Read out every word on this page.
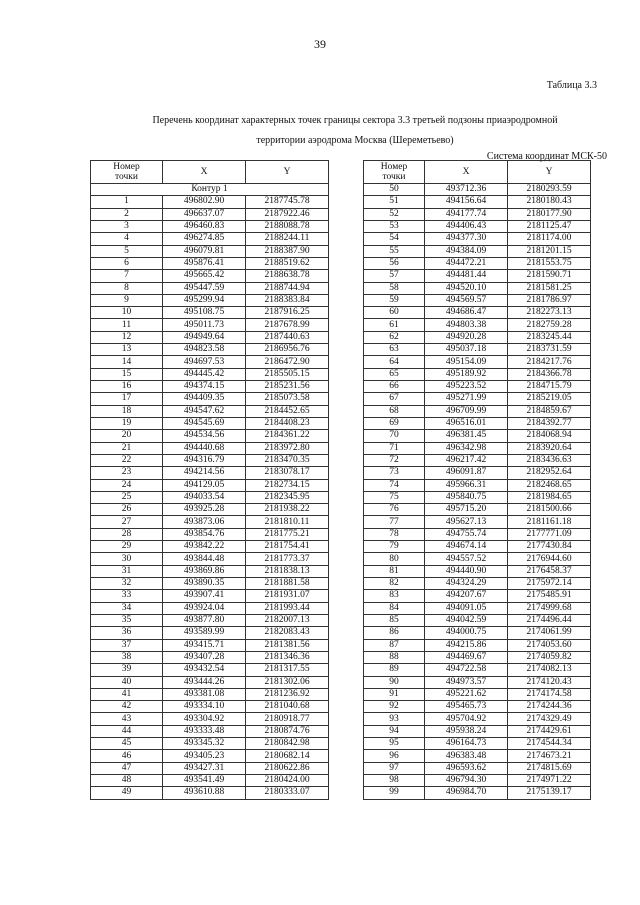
39
Таблица 3.3
Перечень координат характерных точек границы сектора 3.3 третьей подзоны приаэродромной
территории аэродрома Москва (Шереметьево)
Система координат МСК-50
Номер
точки	X	Y
Контур 1		
1	496802.90	2187745.78
2	496637.07	2187922.46
3	496460.83	2188088.78
4	496274.85	2188244.11
5	496079.81	2188387.90
6	495876.41	2188519.62
7	495665.42	2188638.78
8	495447.59	2188744.94
9	495299.94	2188383.84
10	495108.75	2187916.25
11	495011.73	2187678.99
12	494949.64	2187440.63
13	494823.58	2186956.76
14	494697.53	2186472.90
15	494445.42	2185505.15
16	494374.15	2185231.56
17	494409.35	2185073.58
18	494547.62	2184452.65
19	494545.69	2184408.23
20	494534.56	2184361.22
21	494440.68	2183972.80
22	494316.79	2183470.35
23	494214.56	2183078.17
24	494129.05	2182734.15
25	494033.54	2182345.95
26	493925.28	2181938.22
27	493873.06	2181810.11
28	493854.76	2181775.21
29	493842.22	2181754.41
30	493844.48	2181773.37
31	493869.86	2181838.13
32	493890.35	2181881.58
33	493907.41	2181931.07
34	493924.04	2181993.44
35	493877.80	2182007.13
36	493589.99	2182083.43
37	493415.71	2181381.56
38	493407.28	2181346.36
39	493432.54	2181317.55
40	493444.26	2181302.06
41	493381.08	2181236.92
42	493334.10	2181040.68
43	493304.92	2180918.77
44	493333.48	2180874.76
45	493345.32	2180842.98
46	493405.23	2180682.14
47	493427.31	2180622.86
48	493541.49	2180424.00
49	493610.88	2180333.07
Номер
точки	X	Y
50	493712.36	2180293.59
51	494156.64	2180180.43
52	494177.74	2180177.90
53	494406.43	2181125.47
54	494377.30	2181174.00
55	494384.09	2181201.15
56	494472.21	2181553.75
57	494481.44	2181590.71
58	494520.10	2181581.25
59	494569.57	2181786.97
60	494686.47	2182273.13
61	494803.38	2182759.28
62	494920.28	2183245.44
63	495037.18	2183731.59
64	495154.09	2184217.76
65	495189.92	2184366.78
66	495223.52	2184715.79
67	495271.99	2185219.05
68	496709.99	2184859.67
69	496516.01	2184392.77
70	496381.45	2184068.94
71	496342.98	2183920.64
72	496217.42	2183436.63
73	496091.87	2182952.64
74	495966.31	2182468.65
75	495840.75	2181984.65
76	495715.20	2181500.66
77	495627.13	2181161.18
78	494755.74	2177771.09
79	494674.14	2177430.84
80	494557.52	2176944.60
81	494440.90	2176458.37
82	494324.29	2175972.14
83	494207.67	2175485.91
84	494091.05	2174999.68
85	494042.59	2174496.44
86	494000.75	2174061.99
87	494215.86	2174053.60
88	494469.67	2174059.82
89	494722.58	2174082.13
90	494973.57	2174120.43
91	495221.62	2174174.58
92	495465.73	2174244.36
93	495704.92	2174329.49
94	495938.24	2174429.61
95	496164.73	2174544.34
96	496383.48	2174673.21
97	496593.62	2174815.69
98	496794.30	2174971.22
99	496984.70	2175139.17
